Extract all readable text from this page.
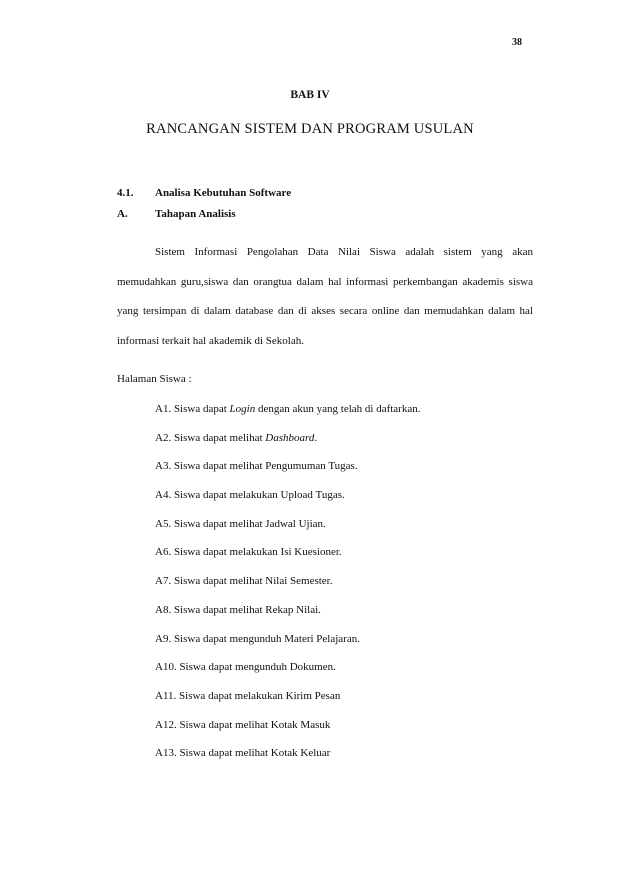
38
BAB IV
RANCANGAN SISTEM DAN PROGRAM USULAN
4.1. Analisa Kebutuhan Software
A. Tahapan Analisis

Sistem Informasi Pengolahan Data Nilai Siswa adalah sistem yang akan memudahkan guru,siswa dan orangtua dalam hal informasi perkembangan akademis siswa yang tersimpan di dalam database dan di akses secara online dan memudahkan dalam hal informasi terkait hal akademik di Sekolah.

Halaman Siswa :
A1. Siswa dapat Login dengan akun yang telah di daftarkan.
A2. Siswa dapat melihat Dashboard.
A3. Siswa dapat melihat Pengumuman Tugas.
A4. Siswa dapat melakukan Upload Tugas.
A5. Siswa dapat melihat Jadwal Ujian.
A6. Siswa dapat melakukan Isi Kuesioner.
A7. Siswa dapat melihat Nilai Semester.
A8. Siswa dapat melihat Rekap Nilai.
A9. Siswa dapat mengunduh Materi Pelajaran.
A10. Siswa dapat mengunduh Dokumen.
A11. Siswa dapat melakukan Kirim Pesan
A12. Siswa dapat melihat Kotak Masuk
A13. Siswa dapat melihat Kotak Keluar
